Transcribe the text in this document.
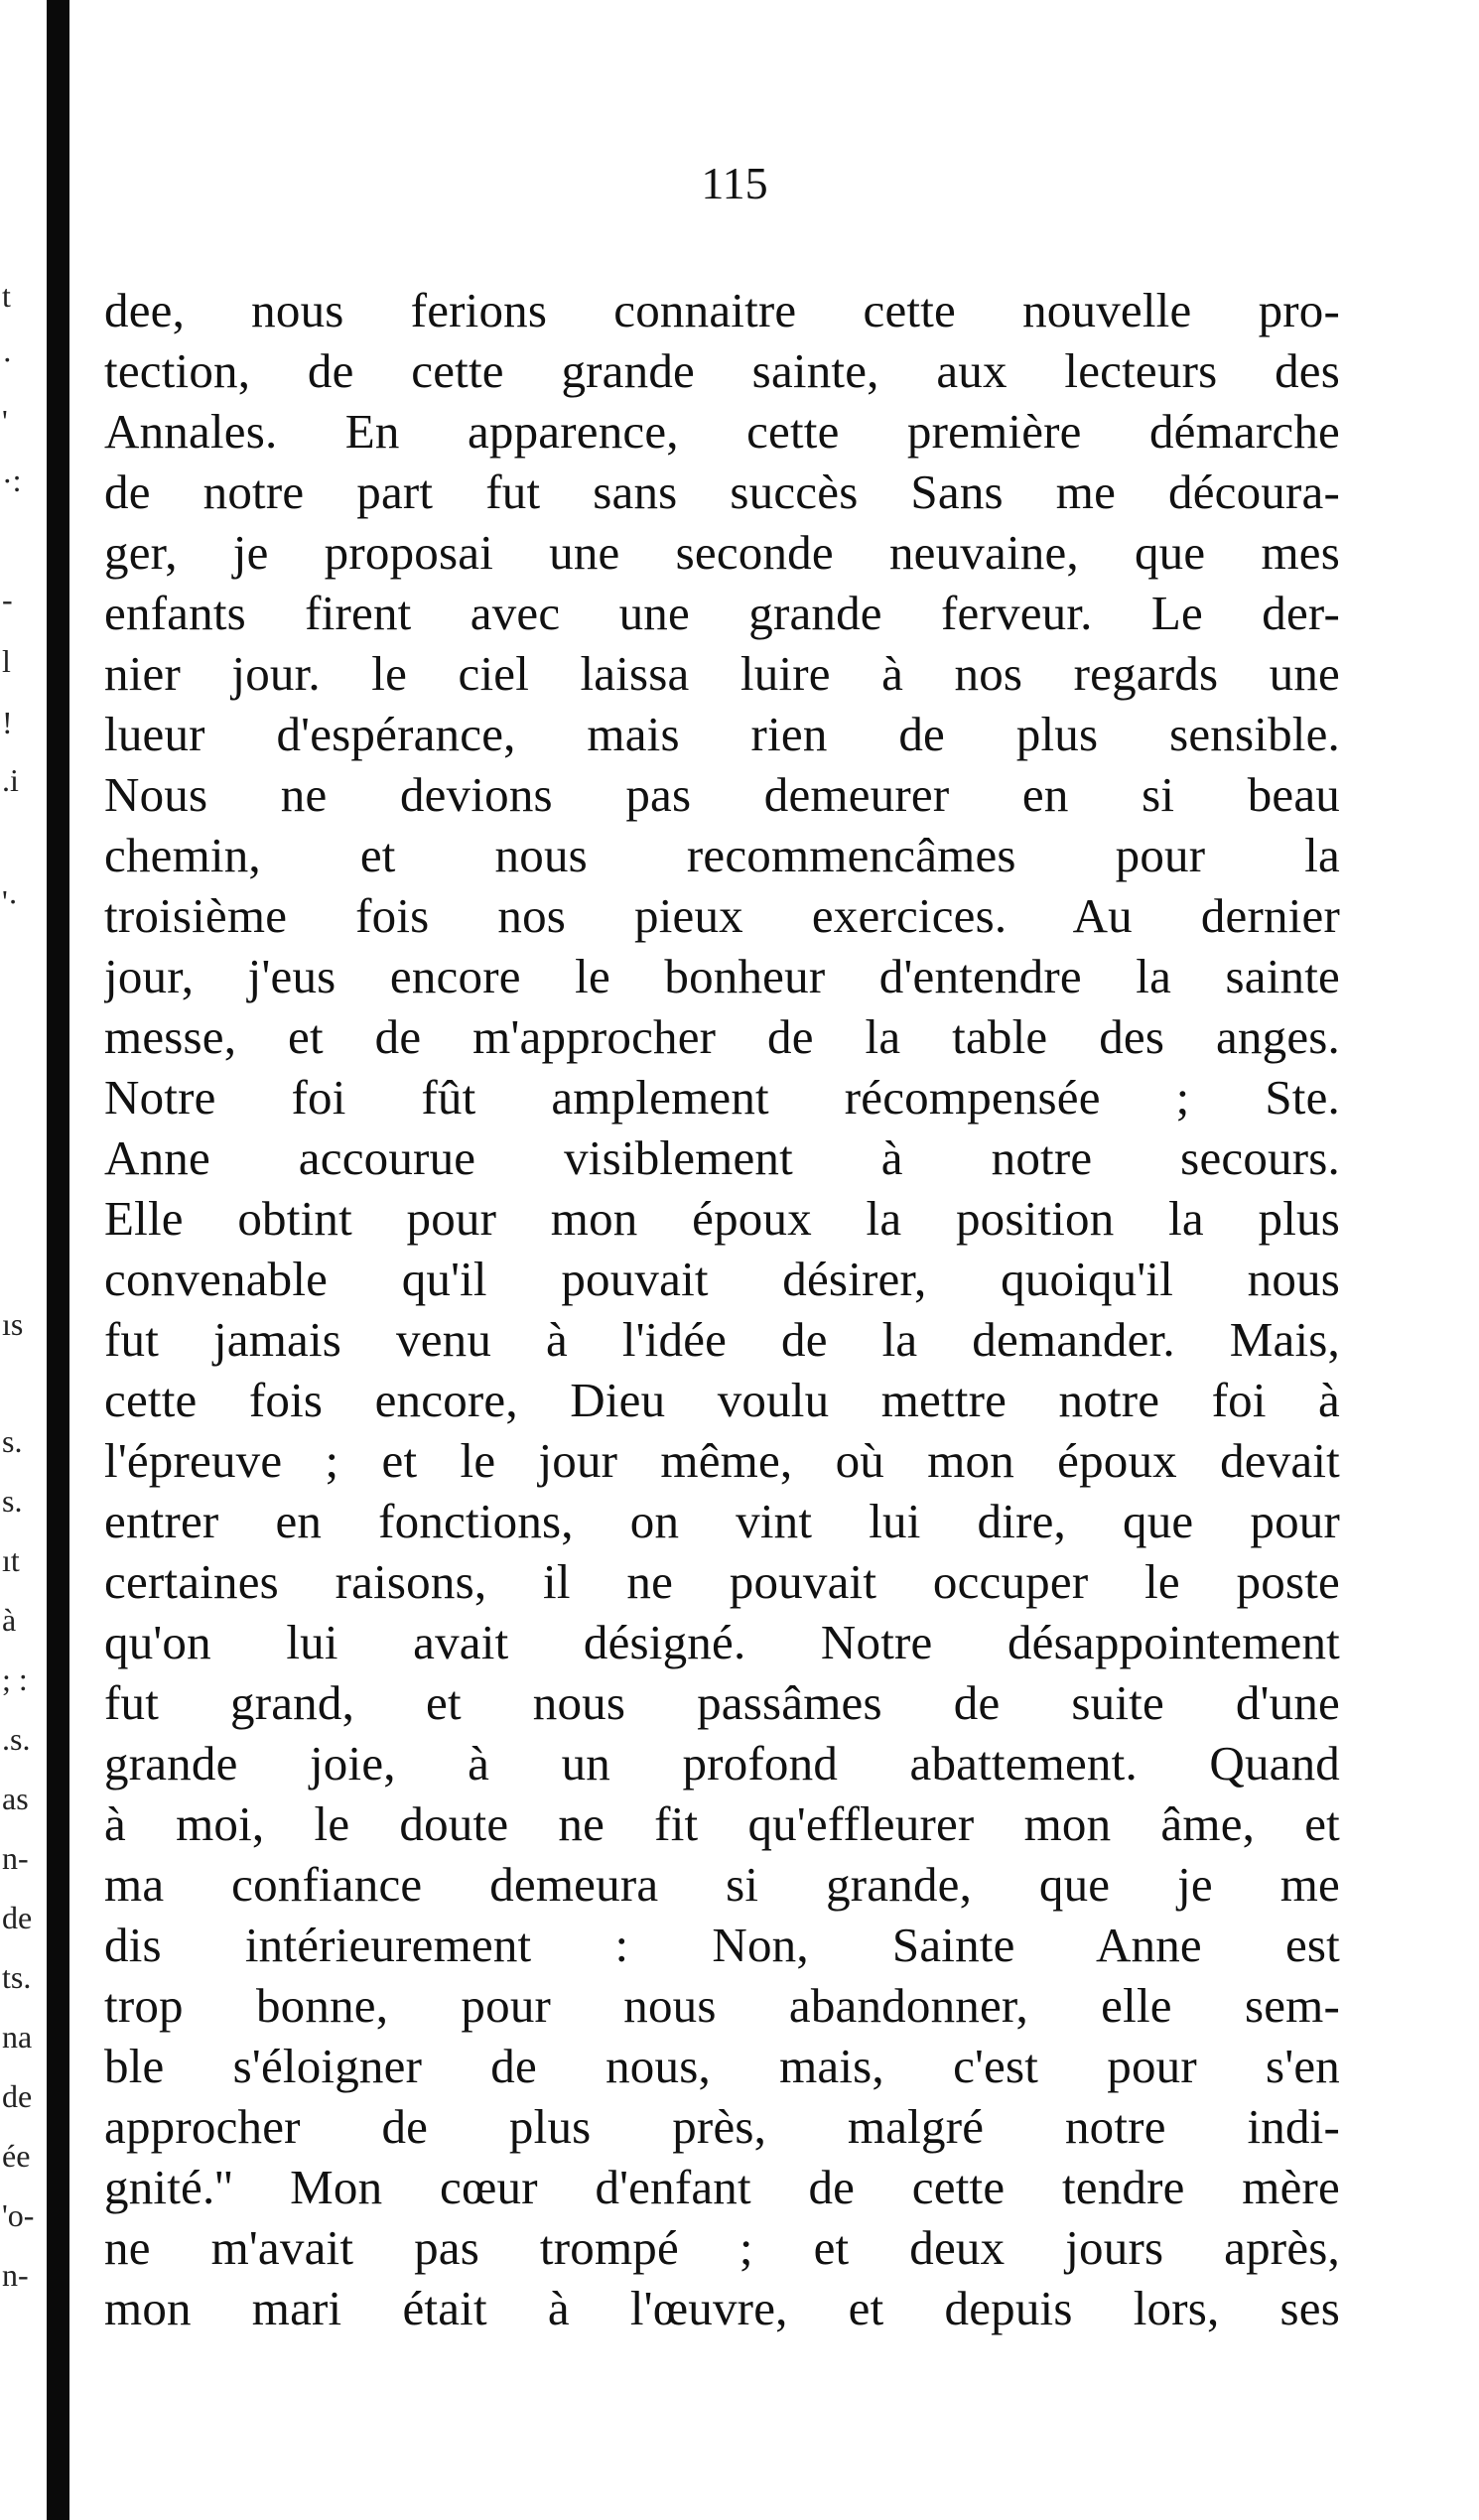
t
·
'
·:
-
l
!
.i
'·
ıs
s.
s.
ıt
à
; :
.s.
as
n-
de
ts.
na
de
ée
'o-
n-
115
dee, nous ferions connaitre cette nouvelle pro-
tection, de cette grande sainte, aux lecteurs des
Annales. En apparence, cette première démarche
de notre part fut sans succès Sans me découra-
ger, je proposai une seconde neuvaine, que mes
enfants firent avec une grande ferveur. Le der-
nier jour. le ciel laissa luire à nos regards une
lueur d'espérance, mais rien de plus sensible.
Nous ne devions pas demeurer en si beau
chemin, et nous recommencâmes pour la
troisième fois nos pieux exercices. Au dernier
jour, j'eus encore le bonheur d'entendre la sainte
messe, et de m'approcher de la table des anges.
Notre foi fût amplement récompensée ; Ste.
Anne accourue visiblement à notre secours.
Elle obtint pour mon époux la position la plus
convenable qu'il pouvait désirer, quoiqu'il nous
fut jamais venu à l'idée de la demander. Mais,
cette fois encore, Dieu voulu mettre notre foi à
l'épreuve ; et le jour même, où mon époux devait
entrer en fonctions, on vint lui dire, que pour
certaines raisons, il ne pouvait occuper le poste
qu'on lui avait désigné. Notre désappointement
fut grand, et nous passâmes de suite d'une
grande joie, à un profond abattement. Quand
à moi, le doute ne fit qu'effleurer mon âme, et
ma confiance demeura si grande, que je me
dis intérieurement : Non, Sainte Anne est
trop bonne, pour nous abandonner, elle sem-
ble s'éloigner de nous, mais, c'est pour s'en
approcher de plus près, malgré notre indi-
gnité.'' Mon cœur d'enfant de cette tendre mère
ne m'avait pas trompé ; et deux jours après,
mon mari était à l'œuvre, et depuis lors, ses
